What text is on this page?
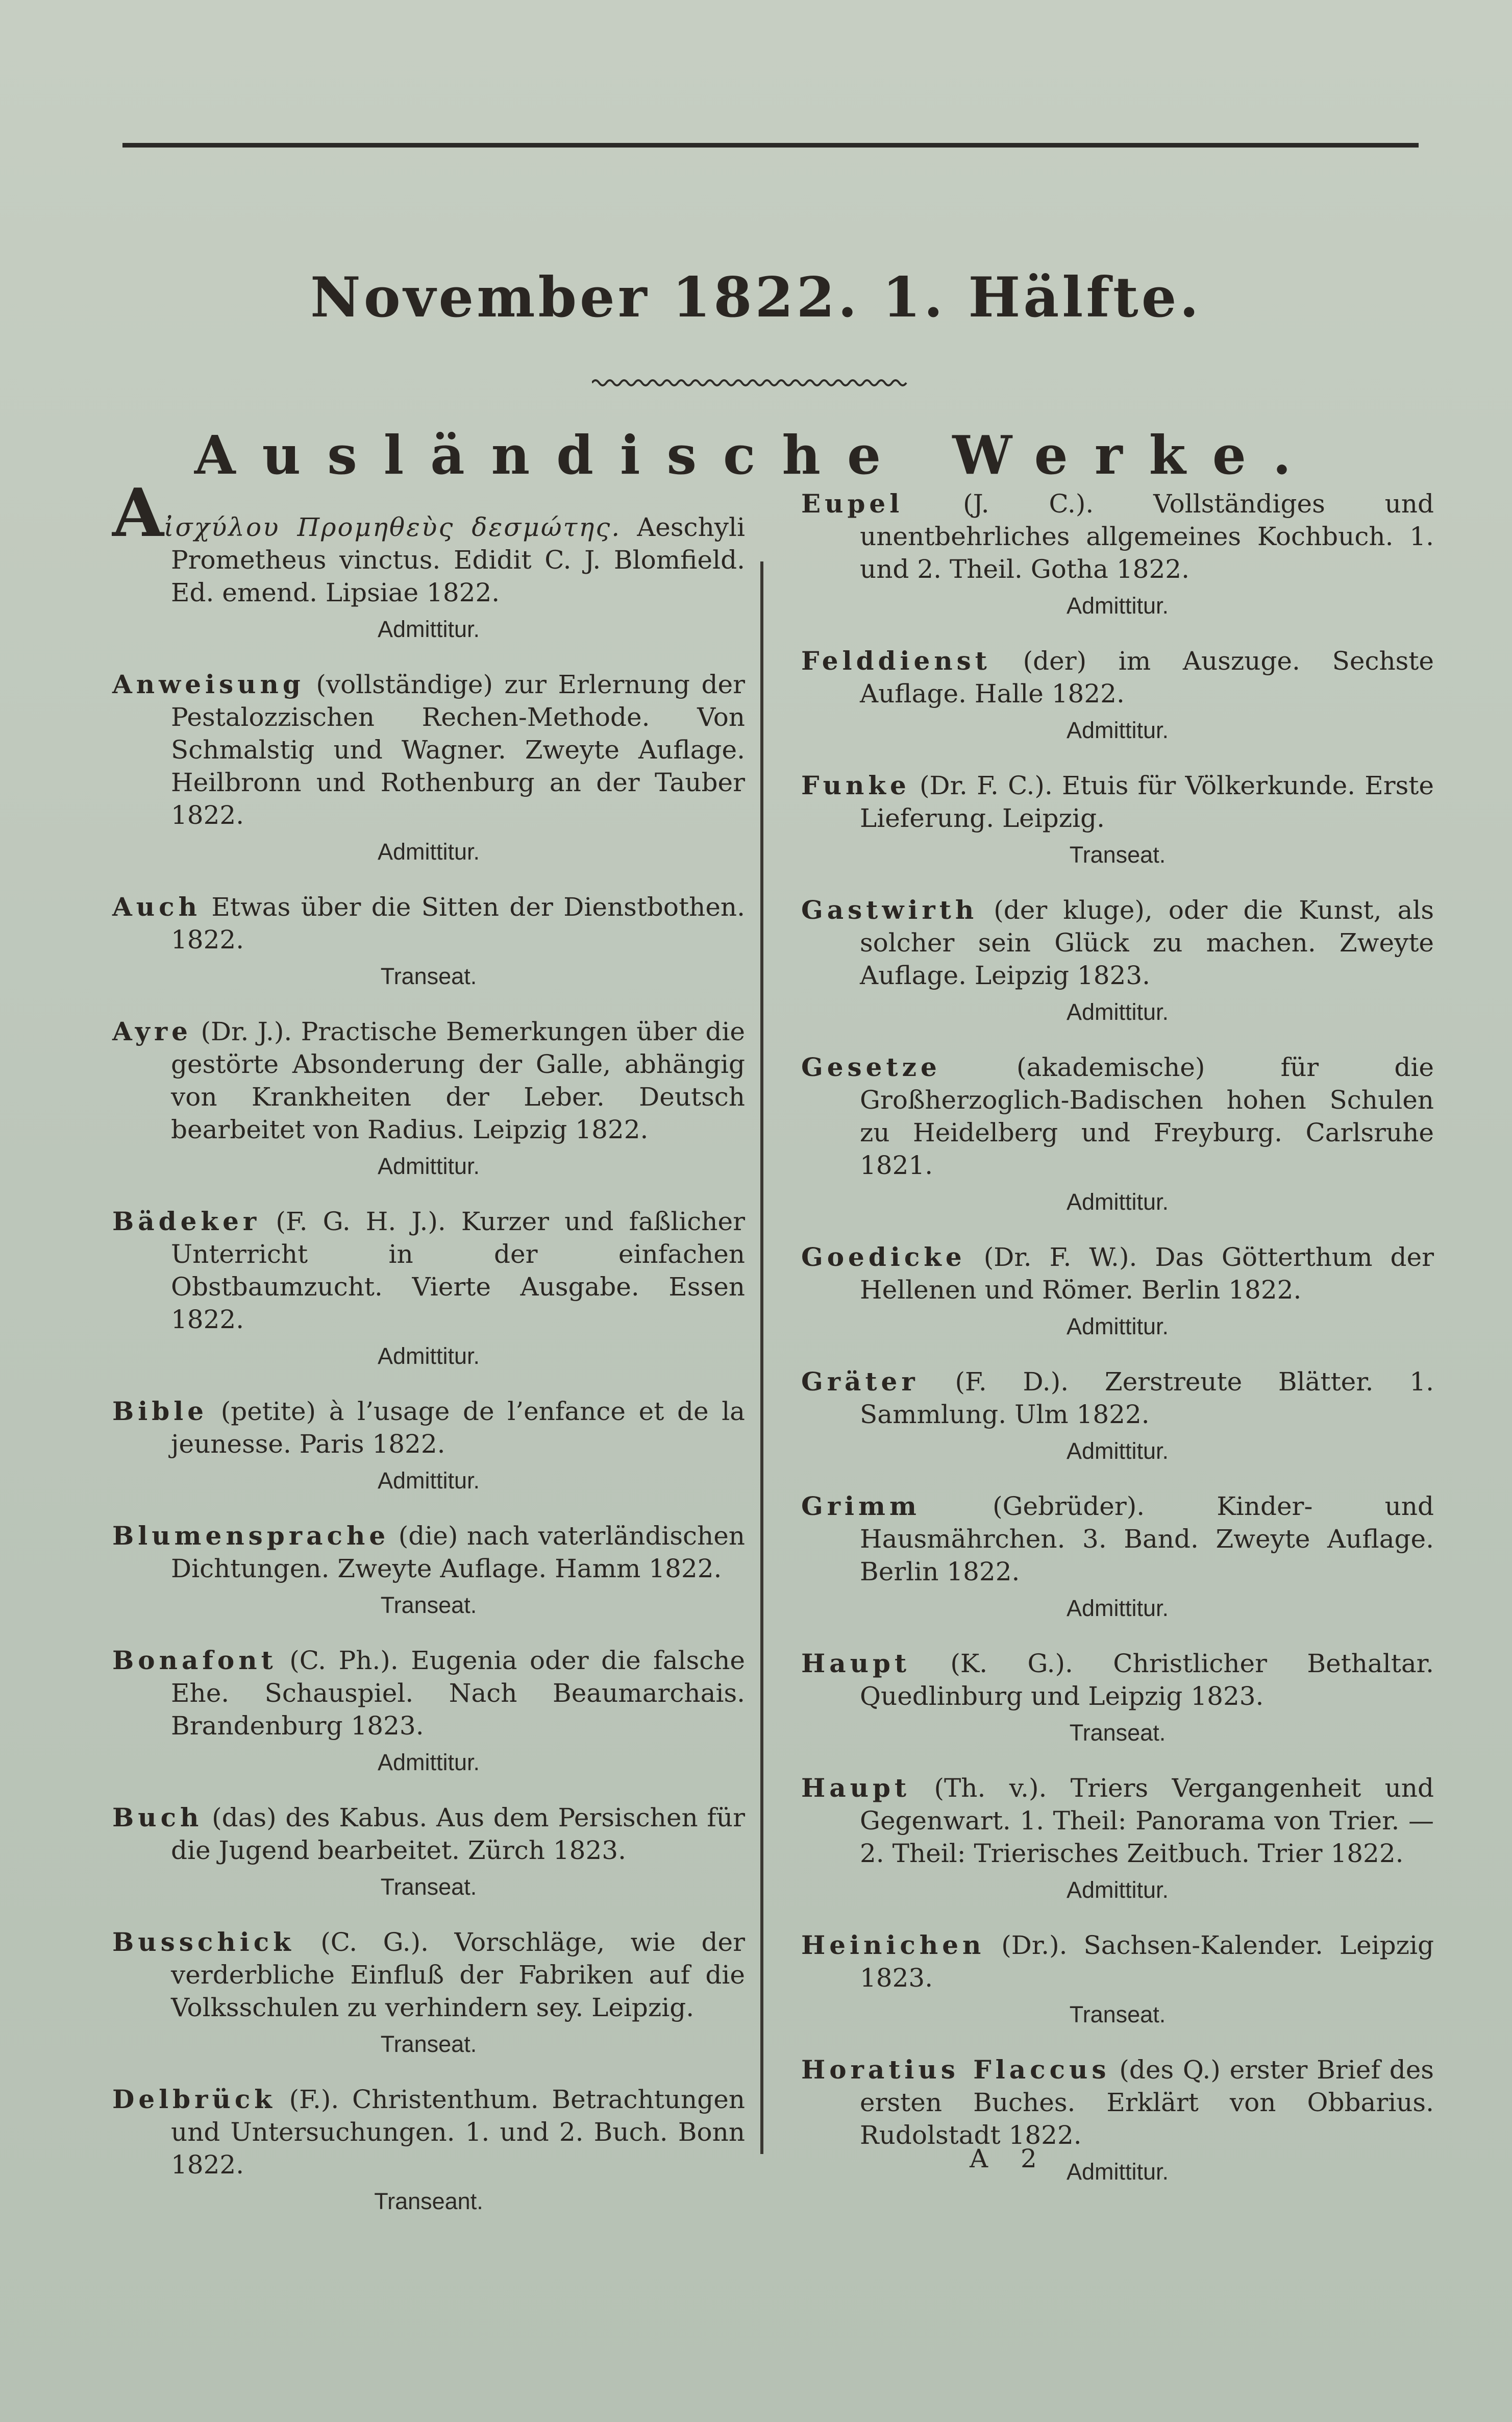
November 1822. 1. Hälfte.
Ausländische Werke.
Aἰσχύλου Προμηθεὺς δεσμώτης. Aeschyli Prometheus vinctus. Edidit C. J. Blomfield. Ed. emend. Lipsiae 1822.
Admittitur.
Anweisung (vollständige) zur Erlernung der Pestalozzischen Rechen-Methode. Von Schmalstig und Wagner. Zweyte Auflage. Heilbronn und Rothenburg an der Tauber 1822.
Admittitur.
Auch Etwas über die Sitten der Dienstbothen. 1822.
Transeat.
Ayre (Dr. J.). Practische Bemerkungen über die gestörte Absonderung der Galle, abhängig von Krankheiten der Leber. Deutsch bearbeitet von Radius. Leipzig 1822.
Admittitur.
Bädeker (F. G. H. J.). Kurzer und faßlicher Unterricht in der einfachen Obstbaumzucht. Vierte Ausgabe. Essen 1822.
Admittitur.
Bible (petite) à l’usage de l’enfance et de la jeunesse. Paris 1822.
Admittitur.
Blumensprache (die) nach vaterländischen Dichtungen. Zweyte Auflage. Hamm 1822.
Transeat.
Bonafont (C. Ph.). Eugenia oder die falsche Ehe. Schauspiel. Nach Beaumarchais. Brandenburg 1823.
Admittitur.
Buch (das) des Kabus. Aus dem Persischen für die Jugend bearbeitet. Zürch 1823.
Transeat.
Busschick (C. G.). Vorschläge, wie der verderbliche Einfluß der Fabriken auf die Volksschulen zu verhindern sey. Leipzig.
Transeat.
Delbrück (F.). Christenthum. Betrachtungen und Untersuchungen. 1. und 2. Buch. Bonn 1822.
Transeant.
Eupel (J. C.). Vollständiges und unentbehrliches allgemeines Kochbuch. 1. und 2. Theil. Gotha 1822.
Admittitur.
Felddienst (der) im Auszuge. Sechste Auflage. Halle 1822.
Admittitur.
Funke (Dr. F. C.). Etuis für Völkerkunde. Erste Lieferung. Leipzig.
Transeat.
Gastwirth (der kluge), oder die Kunst, als solcher sein Glück zu machen. Zweyte Auflage. Leipzig 1823.
Admittitur.
Gesetze	(akademische) für die Großherzoglich-Badischen hohen Schulen zu Heidelberg und Freyburg. Carlsruhe 1821.
Admittitur.
Goedicke (Dr. F. W.). Das Götterthum der Hellenen und Römer. Berlin 1822.
Admittitur.
Gräter (F. D.). Zerstreute Blätter. 1. Sammlung. Ulm 1822.
Admittitur.
Grimm	(Gebrüder). Kinder- und Hausmährchen. 3. Band. Zweyte Auflage. Berlin 1822.
Admittitur.
Haupt (K. G.). Christlicher Bethaltar. Quedlinburg und Leipzig 1823.
Transeat.
Haupt (Th. v.). Triers Vergangenheit und Gegenwart. 1. Theil: Panorama von Trier. — 2. Theil: Trierisches Zeitbuch. Trier 1822.
Admittitur.
Heinichen (Dr.). Sachsen-Kalender. Leipzig 1823.
Transeat.
Horatius Flaccus (des Q.) erster Brief des ersten Buches. Erklärt von Obbarius. Rudolstadt 1822.
Admittitur.
A 2
